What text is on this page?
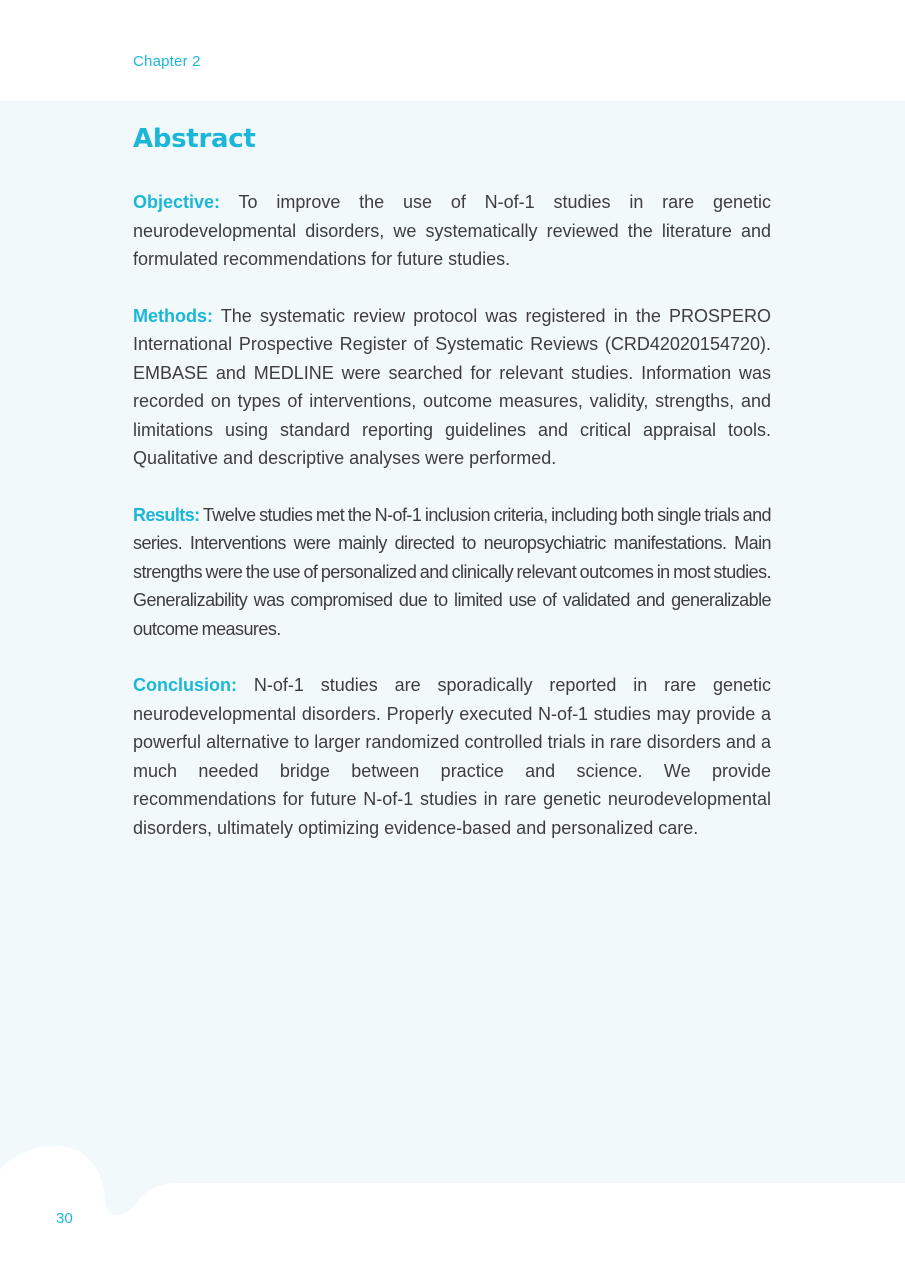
Chapter 2
Abstract

Objective: To improve the use of N-of-1 studies in rare genetic neurodevelopmental disorders, we systematically reviewed the literature and formulated recommendations for future studies.

Methods: The systematic review protocol was registered in the PROSPERO International Prospective Register of Systematic Reviews (CRD42020154720). EMBASE and MEDLINE were searched for relevant studies. Information was recorded on types of interventions, outcome measures, validity, strengths, and limitations using standard reporting guidelines and critical appraisal tools. Qualitative and descriptive analyses were performed.

Results: Twelve studies met the N-of-1 inclusion criteria, including both single trials and series. Interventions were mainly directed to neuropsychiatric manifestations. Main strengths were the use of personalized and clinically relevant outcomes in most studies. Generalizability was compromised due to limited use of validated and generalizable outcome measures.

Conclusion: N-of-1 studies are sporadically reported in rare genetic neurodevelopmental disorders. Properly executed N-of-1 studies may provide a powerful alternative to larger randomized controlled trials in rare disorders and a much needed bridge between practice and science. We provide recommendations for future N-of-1 studies in rare genetic neurodevelopmental disorders, ultimately optimizing evidence-based and personalized care.

30
